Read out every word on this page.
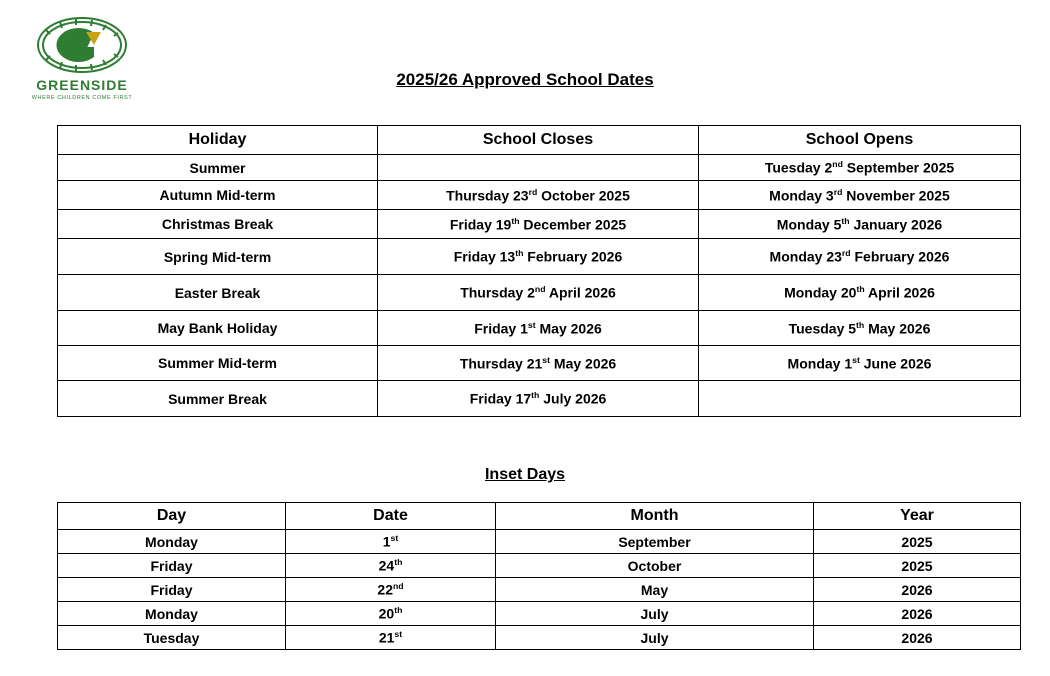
GREENSIDE
WHERE CHILDREN COME FIRST
2025/26 Approved School Dates
Holiday	School Closes	School Opens
Summer		Tuesday 2nd September 2025
Autumn Mid-term	Thursday 23rd October 2025	Monday 3rd November 2025
Christmas Break	Friday 19th December 2025	Monday 5th January 2026
Spring Mid-term	Friday 13th February 2026	Monday 23rd February 2026
Easter Break	Thursday 2nd April 2026	Monday 20th April 2026
May Bank Holiday	Friday 1st May 2026	Tuesday 5th May 2026
Summer Mid-term	Thursday 21st May 2026	Monday 1st June 2026
Summer Break	Friday 17th July 2026	
Inset Days
Day	Date	Month	Year
Monday	1st	September	2025
Friday	24th	October	2025
Friday	22nd	May	2026
Monday	20th	July	2026
Tuesday	21st	July	2026
